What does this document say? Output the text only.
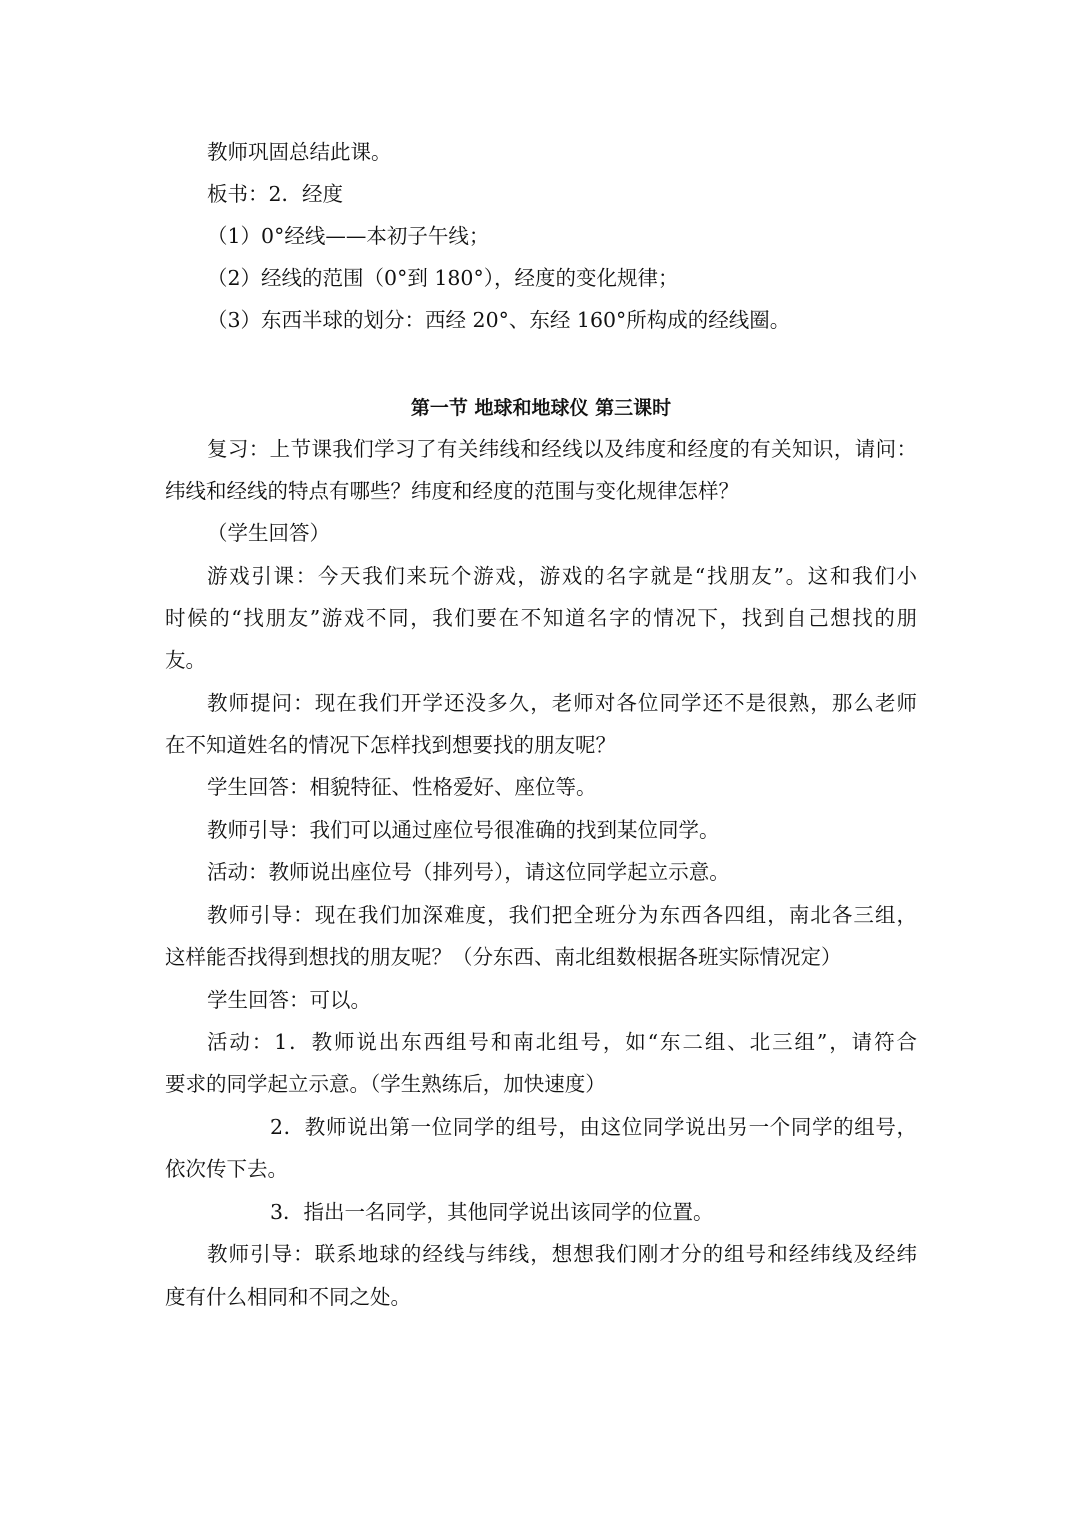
教师巩固总结此课。
板书：2．经度
（1）0°经线——本初子午线；
（2）经线的范围（0°到 180°），经度的变化规律；
（3）东西半球的划分：西经 20°、东经 160°所构成的经线圈。
第一节 地球和地球仪 第三课时
复习：上节课我们学习了有关纬线和经线以及纬度和经度的有关知识，请问：
纬线和经线的特点有哪些？纬度和经度的范围与变化规律怎样？
（学生回答）
游戏引课：今天我们来玩个游戏，游戏的名字就是“找朋友”。这和我们小
时候的“找朋友”游戏不同，我们要在不知道名字的情况下，找到自己想找的朋
友。
教师提问：现在我们开学还没多久，老师对各位同学还不是很熟，那么老师
在不知道姓名的情况下怎样找到想要找的朋友呢？
学生回答：相貌特征、性格爱好、座位等。
教师引导：我们可以通过座位号很准确的找到某位同学。
活动：教师说出座位号（排列号），请这位同学起立示意。
教师引导：现在我们加深难度，我们把全班分为东西各四组，南北各三组，
这样能否找得到想找的朋友呢？（分东西、南北组数根据各班实际情况定）
学生回答：可以。
活动：1．教师说出东西组号和南北组号，如“东二组、北三组”，请符合
要求的同学起立示意。（学生熟练后，加快速度）
2．教师说出第一位同学的组号，由这位同学说出另一个同学的组号，
依次传下去。
3．指出一名同学，其他同学说出该同学的位置。
教师引导：联系地球的经线与纬线，想想我们刚才分的组号和经纬线及经纬
度有什么相同和不同之处。
